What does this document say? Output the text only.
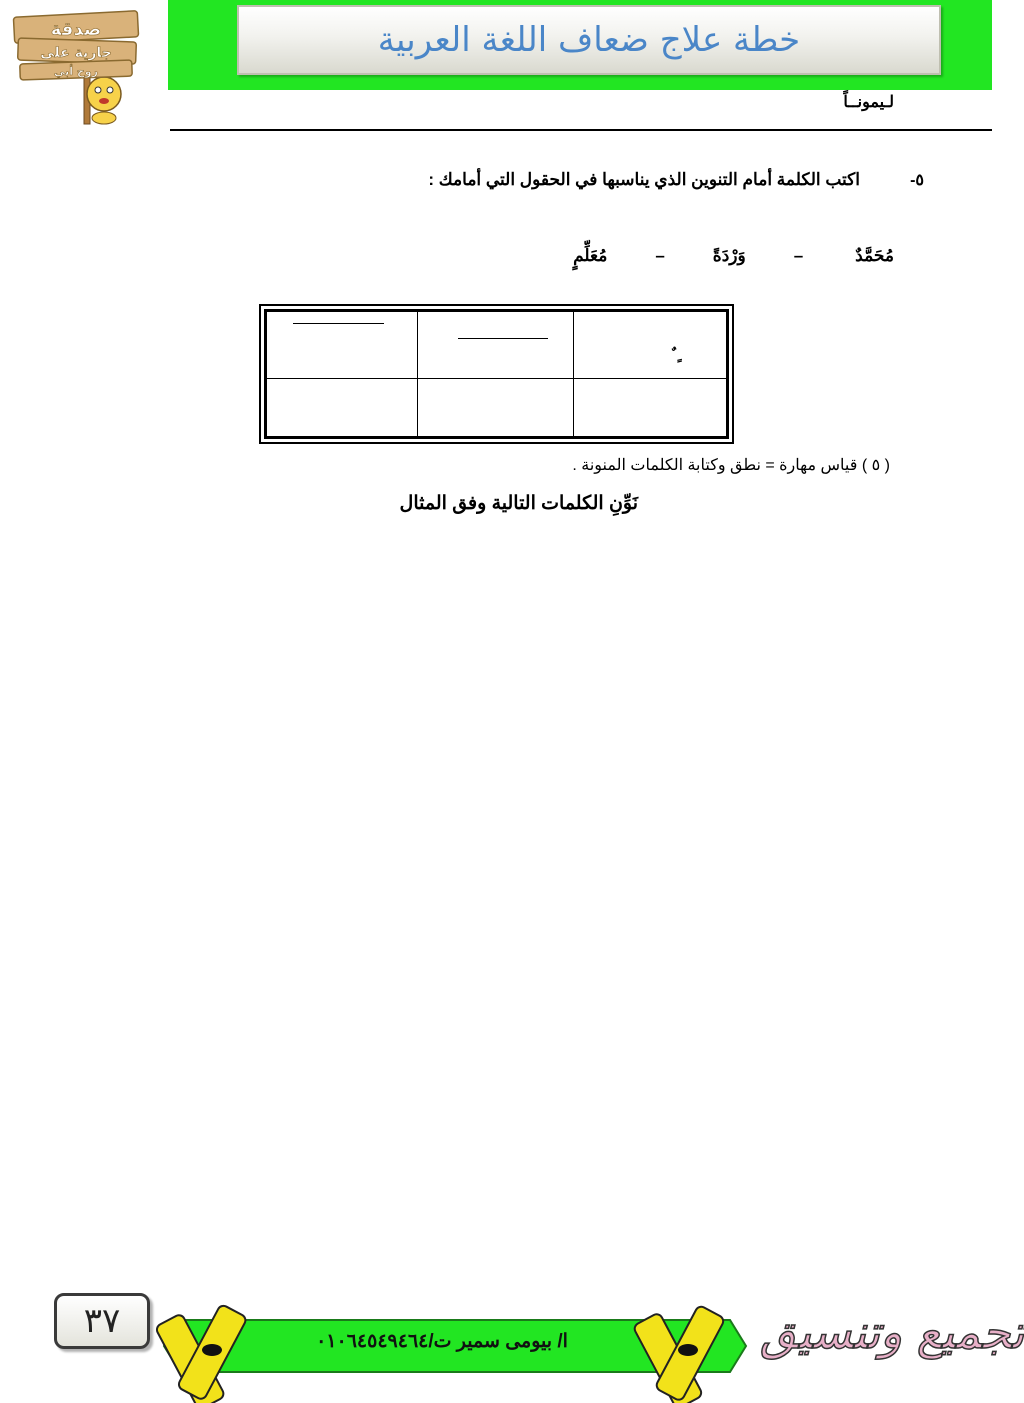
خطة علاج ضعاف اللغة العربية
صدقة
جارية على
روح أبي
لـيمونــاً
٥-
اكتب الكلمة أمام التنوين الذي يناسبها في الحقول التي أمامك :
مُحَمَّدٌ
–
وَرْدَةً
–
مُعَلِّمٍ
ٍ ٌ
( ٥ ) قياس مهارة = نطق وكتابة الكلمات المنونة .
نَوِّنِ الكلمات التالية وفق المثال
٣٧
ا/ بيومى سمير ت/٠١٠٦٤٥٤٩٤٦٤	تجميع وتنسيق
